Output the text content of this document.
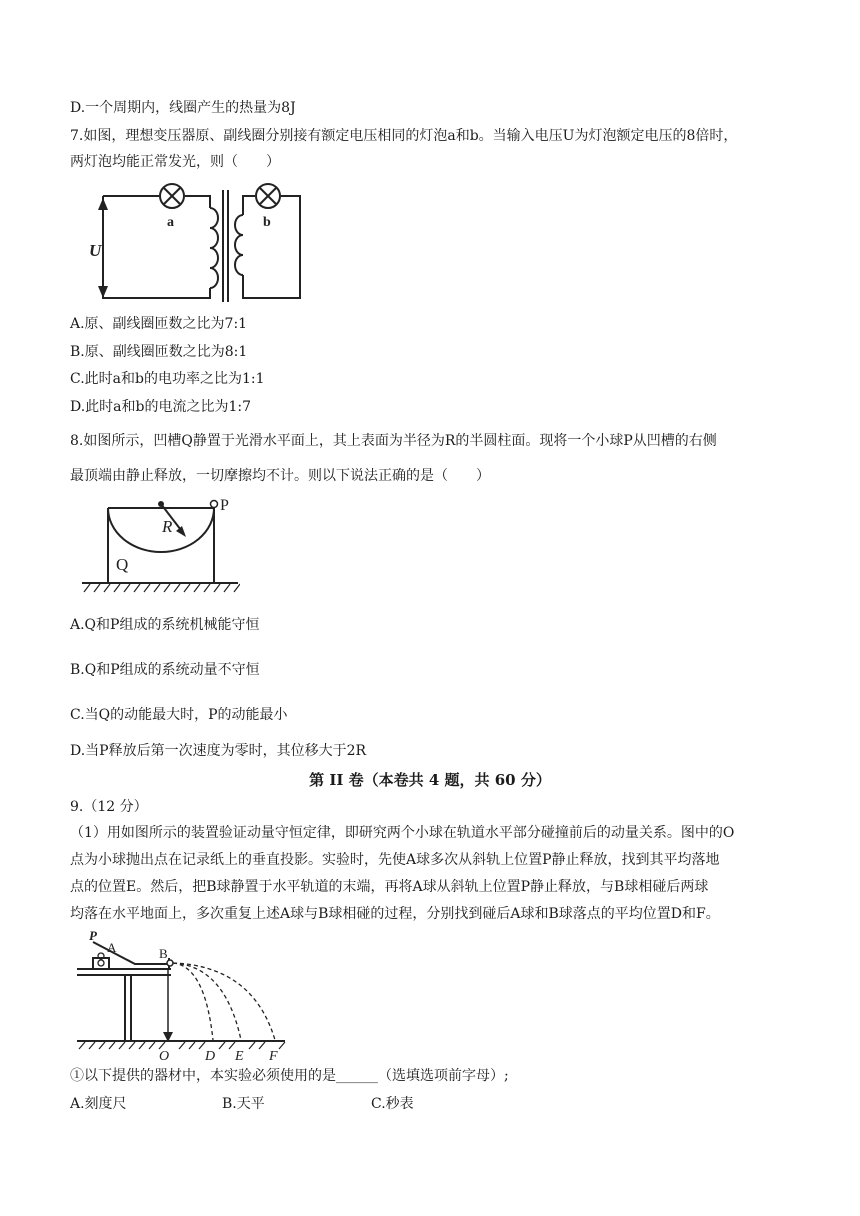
D.一个周期内，线圈产生的热量为8J
7.如图，理想变压器原、副线圈分别接有额定电压相同的灯泡a和b。当输入电压U为灯泡额定电压的8倍时，
两灯泡均能正常发光，则（　　）
U
a	b
A.原、副线圈匝数之比为7:1
B.原、副线圈匝数之比为8:1
C.此时a和b的电功率之比为1:1
D.此时a和b的电流之比为1:7
8.如图所示，凹槽Q静置于光滑水平面上，其上表面为半径为R的半圆柱面。现将一个小球P从凹槽的右侧
最顶端由静止释放，一切摩擦均不计。则以下说法正确的是（　　）
R
P
Q
A.Q和P组成的系统机械能守恒
B.Q和P组成的系统动量不守恒
C.当Q的动能最大时，P的动能最小
D.当P释放后第一次速度为零时，其位移大于2R
第 II 卷（本卷共 4 题，共 60 分）
9.（12 分）
（1）用如图所示的装置验证动量守恒定律，即研究两个小球在轨道水平部分碰撞前后的动量关系。图中的O
点为小球抛出点在记录纸上的垂直投影。实验时，先使A球多次从斜轨上位置P静止释放，找到其平均落地
点的位置E。然后，把B球静置于水平轨道的末端，再将A球从斜轨上位置P静止释放，与B球相碰后两球
均落在水平地面上，多次重复上述A球与B球相碰的过程，分别找到碰后A球和B球落点的平均位置D和F。
P
A	B
O	D E F
①以下提供的器材中，本实验必须使用的是______（选填选项前字母）;
A.刻度尺	B.天平	C.秒表
